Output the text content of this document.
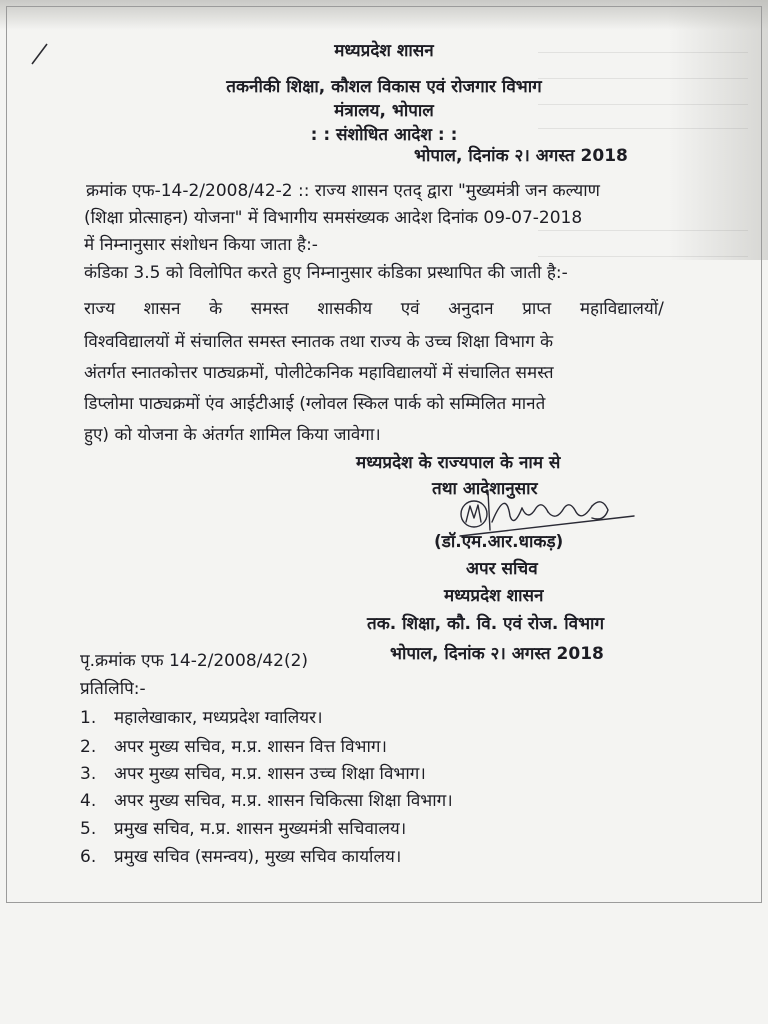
मध्यप्रदेश शासन
तकनीकी शिक्षा, कौशल विकास एवं रोजगार विभाग
मंत्रालय, भोपाल
: : संशोधित आदेश : :
भोपाल, दिनांक २। अगस्त 2018
क्रमांक एफ-14-2/2008/42-2 :: राज्य शासन एतद् द्वारा "मुख्यमंत्री जन कल्याण
(शिक्षा प्रोत्साहन) योजना" में विभागीय समसंख्यक आदेश दिनांक 09-07-2018
में निम्नानुसार संशोधन किया जाता है:-
कंडिका 3.5 को विलोपित करते हुए निम्नानुसार कंडिका प्रस्थापित की जाती है:-
राज्य शासन के समस्त शासकीय एवं अनुदान प्राप्त महाविद्यालयों/
विश्वविद्यालयों में संचालित समस्त स्नातक तथा राज्य के उच्च शिक्षा विभाग के
अंतर्गत स्नातकोत्तर पाठ्यक्रमों, पोलीटेकनिक महाविद्यालयों में संचालित समस्त
डिप्लोमा पाठ्यक्रमों एंव आईटीआई (ग्लोवल स्किल पार्क को सम्मिलित मानते
हुए) को योजना के अंतर्गत शामिल किया जावेगा।
मध्यप्रदेश के राज्यपाल के नाम से
तथा आदेशानुसार
(डॉ.एम.आर.धाकड़)
अपर सचिव
मध्यप्रदेश शासन
तक. शिक्षा, कौ. वि. एवं रोज. विभाग
पृ.क्रमांक एफ 14-2/2008/42(2)	भोपाल, दिनांक २। अगस्त 2018
प्रतिलिपि:-
1. महालेखाकार, मध्यप्रदेश ग्वालियर।
2. अपर मुख्य सचिव, म.प्र. शासन वित्त विभाग।
3. अपर मुख्य सचिव, म.प्र. शासन उच्च शिक्षा विभाग।
4. अपर मुख्य सचिव, म.प्र. शासन चिकित्सा शिक्षा विभाग।
5. प्रमुख सचिव, म.प्र. शासन मुख्यमंत्री सचिवालय।
6. प्रमुख सचिव (समन्वय), मुख्य सचिव कार्यालय।
